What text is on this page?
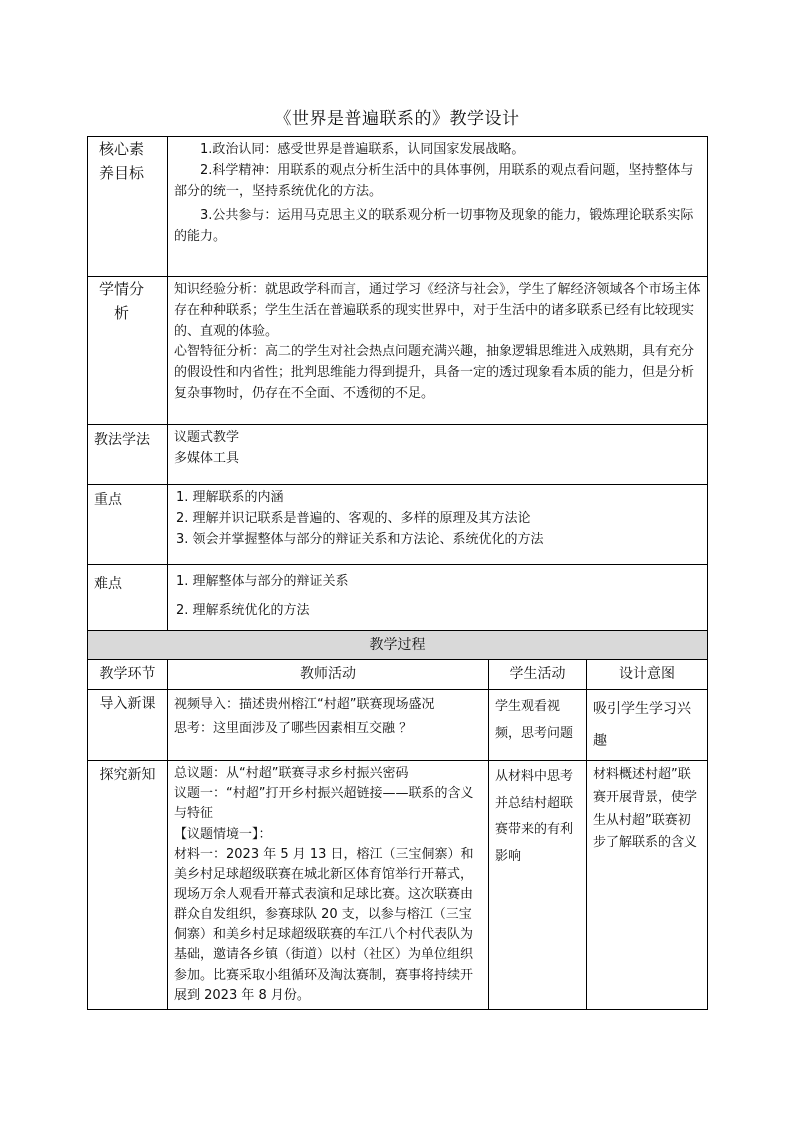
《世界是普遍联系的》教学设计
核心素养目标	1.政治认同：感受世界是普遍联系，认同国家发展战略。

2.科学精神：用联系的观点分析生活中的具体事例，用联系的观点看问题，坚持整体与部分的统一，坚持系统优化的方法。

3.公共参与：运用马克思主义的联系观分析一切事物及现象的能力，锻炼理论联系实际的能力。		

学情分析	知识经验分析：就思政学科而言，通过学习《经济与社会》，学生了解经济领域各个市场主体存在种种联系；学生生活在普遍联系的现实世界中，对于生活中的诸多联系已经有比较现实的、直观的体验。

心智特征分析：高二的学生对社会热点问题充满兴趣，抽象逻辑思维进入成熟期，具有充分的假设性和内省性；批判思维能力得到提升，具备一定的透过现象看本质的能力，但是分析复杂事物时，仍存在不全面、不透彻的不足。		

教法学法	议题式教学

多媒体工具		

重点	1. 理解联系的内涵

2. 理解并识记联系是普遍的、客观的、多样的原理及其方法论

3. 领会并掌握整体与部分的辩证关系和方法论、系统优化的方法		

难点	1. 理解整体与部分的辩证关系

2. 理解系统优化的方法		

教学过程			
教学环节	教师活动	学生活动	设计意图
导入新课	视频导入：描述贵州榕江“村超”联赛现场盛况

思考：这里面涉及了哪些因素相互交融 ？	学生观看视频，思考问题	吸引学生学习兴趣
探究新知	总议题：从“村超”联赛寻求乡村振兴密码

议题一：“村超”打开乡村振兴超链接——联系的含义与特征

【议题情境一】：

材料一：2023 年 5 月 13 日，榕江（三宝侗寨）和美乡村足球超级联赛在城北新区体育馆举行开幕式，现场万余人观看开幕式表演和足球比赛。这次联赛由群众自发组织，参赛球队 20 支，以参与榕江（三宝侗寨）和美乡村足球超级联赛的车江八个村代表队为基础，邀请各乡镇（街道）以村（社区）为单位组织参加。比赛采取小组循环及淘汰赛制，赛事将持续开展到 2023 年 8 月份。	从材料中思考并总结村超联赛带来的有利影响	材料概述村超”联赛开展背景，使学生从村超”联赛初步了解联系的含义
